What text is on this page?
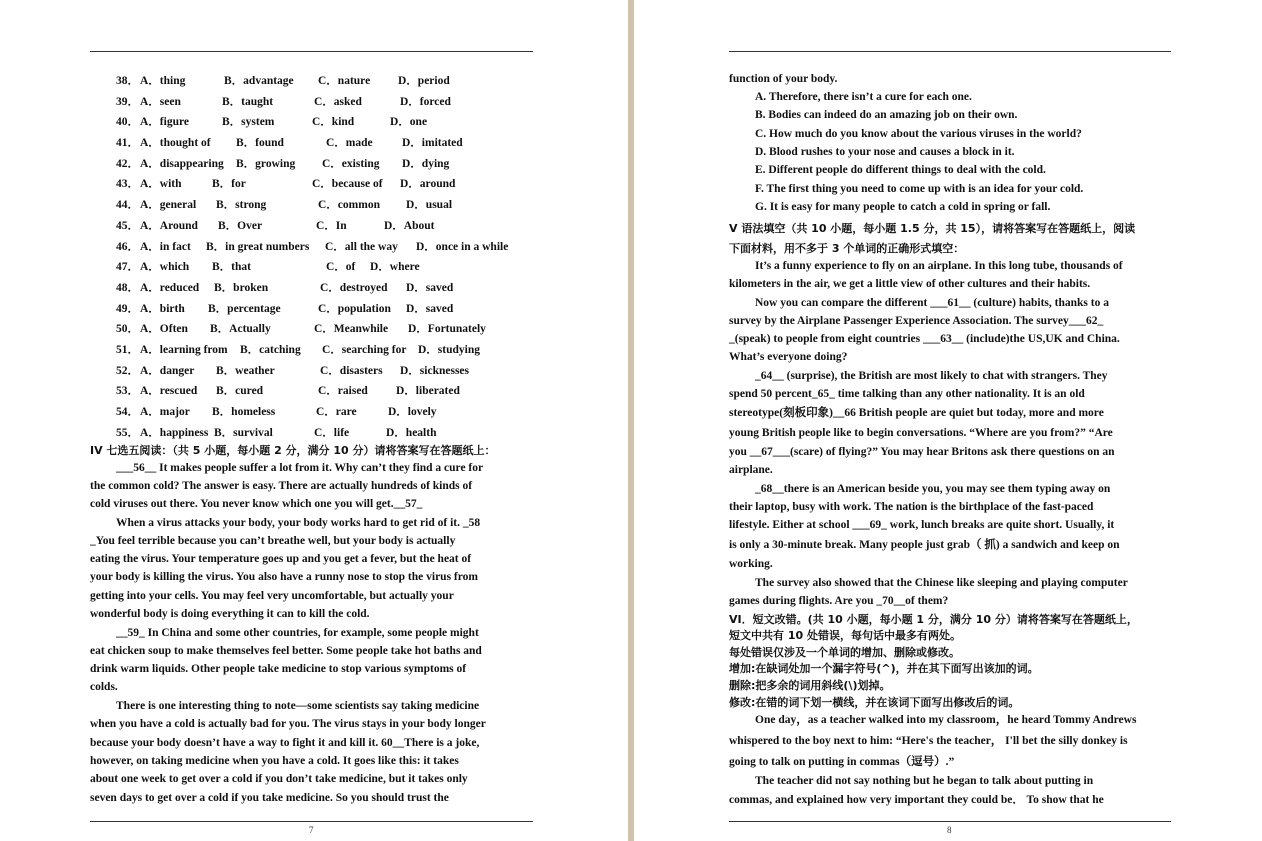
38． A．thing	B．advantage C．nature D．period
39． A．seen	B．taught	C．asked	D．forced
40． A．figure	B．system	C．kind	D．one
41． A．thought of B．found	C．made	D．imitated
42． A．disappearing B．growing C．existing D．dying
43． A．with	B．for	C．because of D．around
44． A．general B．strong	C．common D．usual
45． A．Around B．Over	C．In	D．About
46． A．in fact B．in great numbers C．all the way D．once in a while
47． A．which B．that	C．of D．where
48． A．reduced B．broken	C．destroyed D．saved
49． A．birth B．percentage	C．population D．saved
50． A．Often B．Actually	C．Meanwhile D．Fortunately
51． A．learning from B．catching C．searching for D．studying
52． A．danger B．weather	C．disasters D．sicknesses
53． A．rescued B．cured	C．raised D．liberated
54． A．major B．homeless	C．rare	D．lovely
55． A．happiness B．survival	C．life	D．health
IV 七选五阅读：（共 5 小题，每小题 2 分，满分 10 分）请将答案写在答题纸上：
___56__ It makes people suffer a lot from it. Why can’t they find a cure for
the common cold? The answer is easy. There are actually hundreds of kinds of
cold viruses out there. You never know which one you will get.__57_
When a virus attacks your body, your body works hard to get rid of it. _58
_You feel terrible because you can’t breathe well, but your body is actually
eating the virus. Your temperature goes up and you get a fever, but the heat of
your body is killing the virus. You also have a runny nose to stop the virus from
getting into your cells. You may feel very uncomfortable, but actually your
wonderful body is doing everything it can to kill the cold.
__59_ In China and some other countries, for example, some people might
eat chicken soup to make themselves feel better. Some people take hot baths and
drink warm liquids. Other people take medicine to stop various symptoms of
colds.
There is one interesting thing to note—some scientists say taking medicine
when you have a cold is actually bad for you. The virus stays in your body longer
because your body doesn’t have a way to fight it and kill it. 60__There is a joke,
however, on taking medicine when you have a cold. It goes like this: it takes
about one week to get over a cold if you don’t take medicine, but it takes only
seven days to get over a cold if you take medicine. So you should trust the
7
function of your body.
A. Therefore, there isn’t a cure for each one.
B. Bodies can indeed do an amazing job on their own.
C. How much do you know about the various viruses in the world?
D. Blood rushes to your nose and causes a block in it.
E. Different people do different things to deal with the cold.
F. The first thing you need to come up with is an idea for your cold.
G. It is easy for many people to catch a cold in spring or fall.
V 语法填空（共 10 小题，每小题 1.5 分，共 15），请将答案写在答题纸上，阅读
下面材料，用不多于 3 个单词的正确形式填空：
It’s a funny experience to fly on an airplane. In this long tube, thousands of
kilometers in the air, we get a little view of other cultures and their habits.
Now you can compare the different ___61__ (culture) habits, thanks to a
survey by the Airplane Passenger Experience Association. The survey___62_
_(speak) to people from eight countries ___63__ (include)the US,UK and China.
What’s everyone doing?
_64__ (surprise), the British are most likely to chat with strangers. They
spend 50 percent_65_ time talking than any other nationality. It is an old
stereotype(刻板印象)__66 British people are quiet but today, more and more
young British people like to begin conversations. “Where are you from?” “Are
you __67___(scare) of flying?” You may hear Britons ask there questions on an
airplane.
_68__there is an American beside you, you may see them typing away on
their laptop, busy with work. The nation is the birthplace of the fast-paced
lifestyle. Either at school ___69_ work, lunch breaks are quite short. Usually, it
is only a 30-minute break. Many people just grab（ 抓) a sandwich and keep on
working.
The survey also showed that the Chinese like sleeping and playing computer
games during flights. Are you _70__of them?
VI．短文改错。(共 10 小题，每小题 1 分，满分 10 分）请将答案写在答题纸上，
短文中共有 10 处错误，每句话中最多有两处。
每处错误仅涉及一个单词的增加、删除或修改。
增加:在缺词处加一个漏字符号(^)，并在其下面写出该加的词。
删除:把多余的词用斜线(\)划掉。
修改:在错的词下划一横线，并在该词下面写出修改后的词。
One day，as a teacher walked into my classroom，he heard Tommy Andrews
whispered to the boy next to him: “Here's the teacher， I'll bet the silly donkey is
going to talk on putting in commas（逗号）.”
The teacher did not say nothing but he began to talk about putting in
commas, and explained how very important they could be． To show that he
8
